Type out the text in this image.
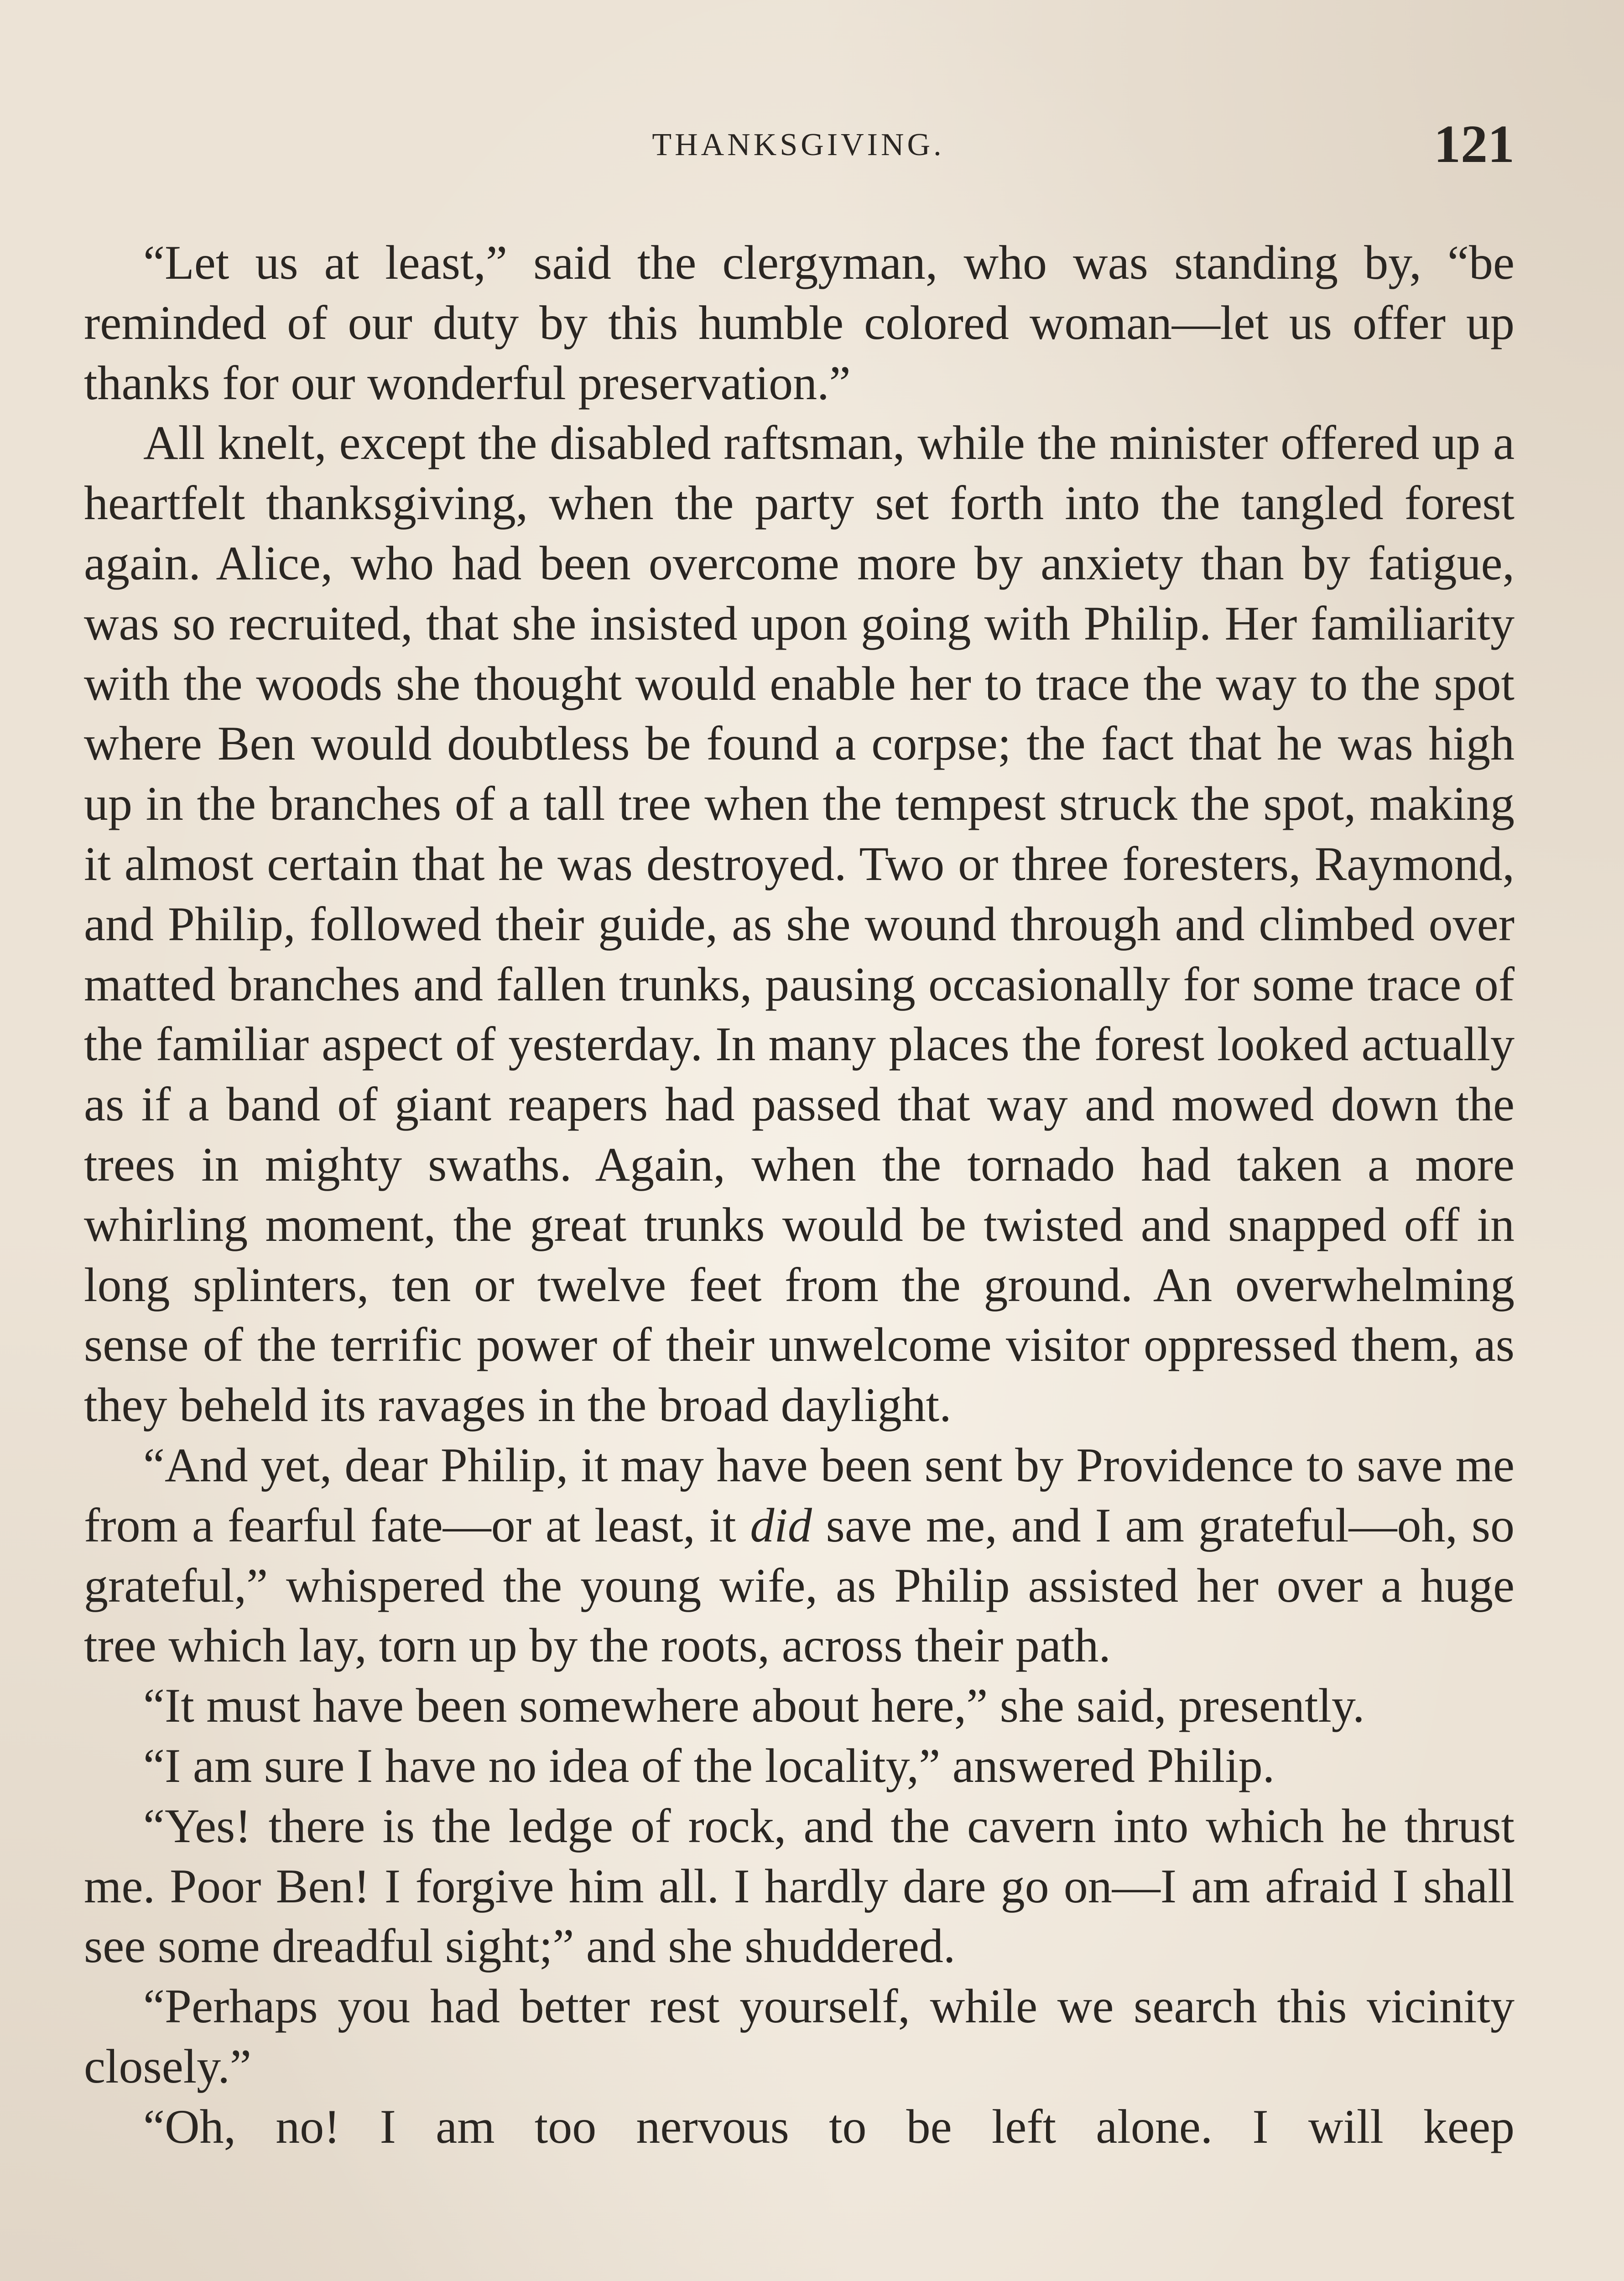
THANKSGIVING.	121

“Let us at least,” said the clergyman, who was standing by, “be reminded of our duty by this humble colored woman—let us offer up thanks for our wonderful preservation.”

All knelt, except the disabled raftsman, while the minister offered up a heartfelt thanksgiving, when the party set forth into the tangled forest again. Alice, who had been overcome more by anxiety than by fatigue, was so recruited, that she insisted upon going with Philip. Her familiarity with the woods she thought would enable her to trace the way to the spot where Ben would doubtless be found a corpse; the fact that he was high up in the branches of a tall tree when the tempest struck the spot, making it almost certain that he was destroyed. Two or three foresters, Raymond, and Philip, followed their guide, as she wound through and climbed over matted branches and fallen trunks, pausing occasionally for some trace of the familiar aspect of yesterday. In many places the forest looked actually as if a band of giant reapers had passed that way and mowed down the trees in mighty swaths. Again, when the tornado had taken a more whirling moment, the great trunks would be twisted and snapped off in long splinters, ten or twelve feet from the ground. An overwhelming sense of the terrific power of their unwelcome visitor oppressed them, as they beheld its ravages in the broad daylight.

“And yet, dear Philip, it may have been sent by Providence to save me from a fearful fate—or at least, it did save me, and I am grateful—oh, so grateful,” whispered the young wife, as Philip assisted her over a huge tree which lay, torn up by the roots, across their path.

“It must have been somewhere about here,” she said, presently.

“I am sure I have no idea of the locality,” answered Philip.

“Yes! there is the ledge of rock, and the cavern into which he thrust me. Poor Ben! I forgive him all. I hardly dare go on—I am afraid I shall see some dreadful sight;” and she shuddered.

“Perhaps you had better rest yourself, while we search this vicinity closely.”

“Oh, no! I am too nervous to be left alone. I will keep
